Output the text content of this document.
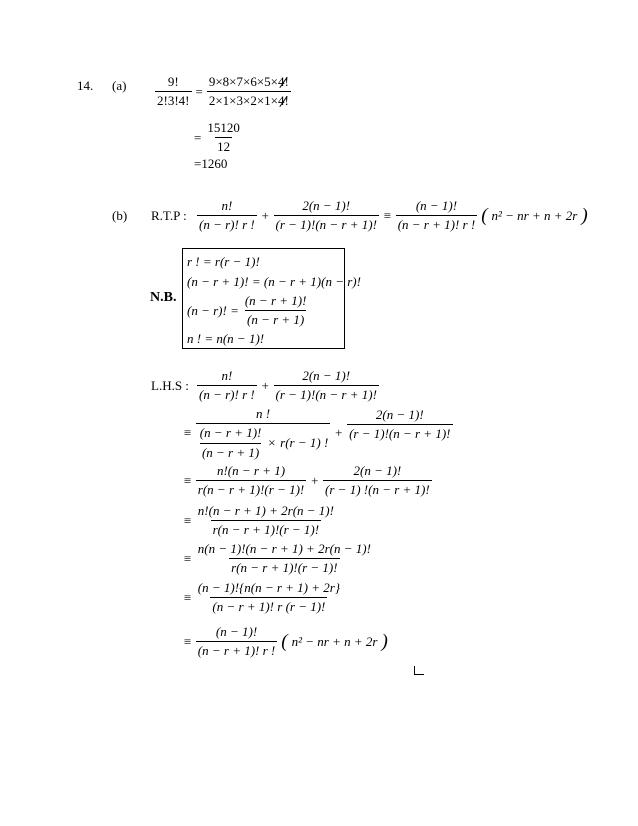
14. (a)
(b)
$\frac{9!}{2!3!4!} = \frac{9\times 8\times 7\times 6\times 5\times 4!}{2\times 1\times 3\times 2\times 1\times 4!}$
= $\frac{15120}{12}$
=1260
R.T.P : $\frac{n!}{(n - r)! r !} + \frac{2(n - 1)!}{(r - 1)!(n - r + 1)!} \equiv \frac{(n - 1)!}{(n - r + 1)! r !}$ ( n² − nr + n + 2r )
N.B.
r ! = r(r − 1)!
(n − r + 1)! = (n − r + 1)(n − r)!
(n − r)! = $\frac{(n - r + 1)!}{(n - r + 1)}$
n ! = n(n − 1)!
L.H.S : $\frac{n!}{(n - r)! r !} + \frac{2(n - 1)!}{(r - 1)!(n - r + 1)!}$
≡
n !
$\frac{(n - r + 1)!}{(n - r + 1)} \times r(r - 1)$ !
+ $\frac{2(n - 1)!}{(r - 1)!(n - r + 1)!}$
≡ $\frac{n!(n - r + 1)}{r(n - r + 1)!(r - 1)!} + \frac{2(n - 1)!}{(r - 1) !(n - r + 1)!}$
≡ $\frac{n!(n - r + 1) + 2r(n - 1)!}{r(n - r + 1)!(r - 1)!}$
≡ $\frac{n(n - 1)!(n - r + 1) + 2r(n - 1)!}{r(n - r + 1)!(r - 1)!}$
≡ $\frac{(n - 1)!\{n(n - r + 1) + 2r\}}{(n - r + 1)! r (r - 1)!}$
≡ $\frac{(n - 1)!}{(n - r + 1)! r !}$ ( n² − nr + n + 2r )
